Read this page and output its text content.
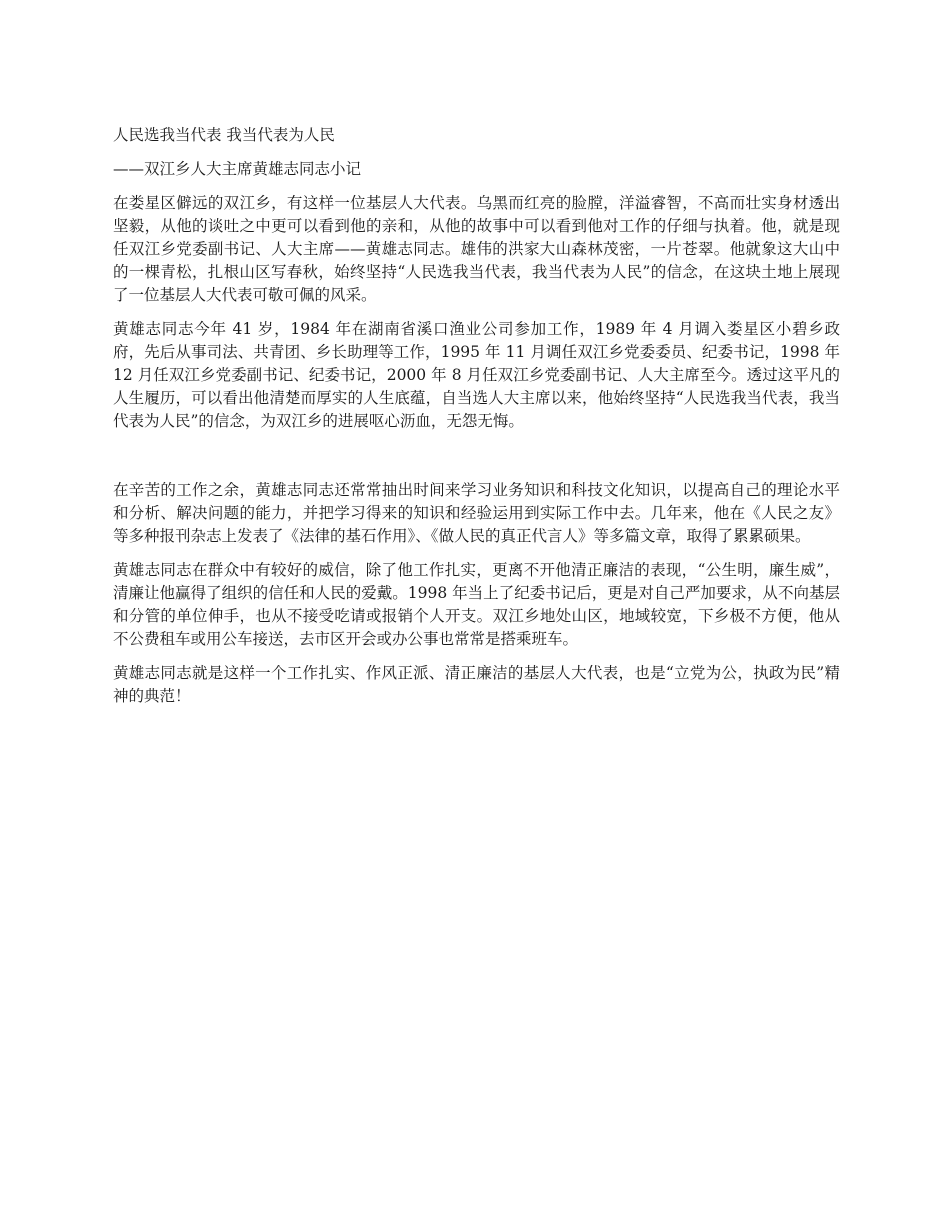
人民选我当代表 我当代表为人民

——双江乡人大主席黄雄志同志小记

在娄星区僻远的双江乡，有这样一位基层人大代表。乌黑而红亮的脸膛，洋溢睿智，不高而壮实身材透出坚毅，从他的谈吐之中更可以看到他的亲和，从他的故事中可以看到他对工作的仔细与执着。他，就是现任双江乡党委副书记、人大主席——黄雄志同志。雄伟的洪家大山森林茂密，一片苍翠。他就象这大山中的一棵青松，扎根山区写春秋，始终坚持“人民选我当代表，我当代表为人民”的信念，在这块土地上展现了一位基层人大代表可敬可佩的风采。

黄雄志同志今年 41 岁，1984 年在湖南省溪口渔业公司参加工作，1989 年 4 月调入娄星区小碧乡政府，先后从事司法、共青团、乡长助理等工作，1995 年 11 月调任双江乡党委委员、纪委书记，1998 年 12 月任双江乡党委副书记、纪委书记，2000 年 8 月任双江乡党委副书记、人大主席至今。透过这平凡的人生履历，可以看出他清楚而厚实的人生底蕴，自当选人大主席以来，他始终坚持“人民选我当代表，我当代表为人民”的信念，为双江乡的进展呕心沥血，无怨无悔。

在辛苦的工作之余，黄雄志同志还常常抽出时间来学习业务知识和科技文化知识，以提高自己的理论水平和分析、解决问题的能力，并把学习得来的知识和经验运用到实际工作中去。几年来，他在《人民之友》等多种报刊杂志上发表了《法律的基石作用》、《做人民的真正代言人》等多篇文章，取得了累累硕果。

黄雄志同志在群众中有较好的威信，除了他工作扎实，更离不开他清正廉洁的表现，“公生明，廉生威”，清廉让他赢得了组织的信任和人民的爱戴。1998 年当上了纪委书记后，更是对自己严加要求，从不向基层和分管的单位伸手，也从不接受吃请或报销个人开支。双江乡地处山区，地域较宽，下乡极不方便，他从不公费租车或用公车接送，去市区开会或办公事也常常是搭乘班车。

黄雄志同志就是这样一个工作扎实、作风正派、清正廉洁的基层人大代表，也是“立党为公，执政为民”精神的典范！
